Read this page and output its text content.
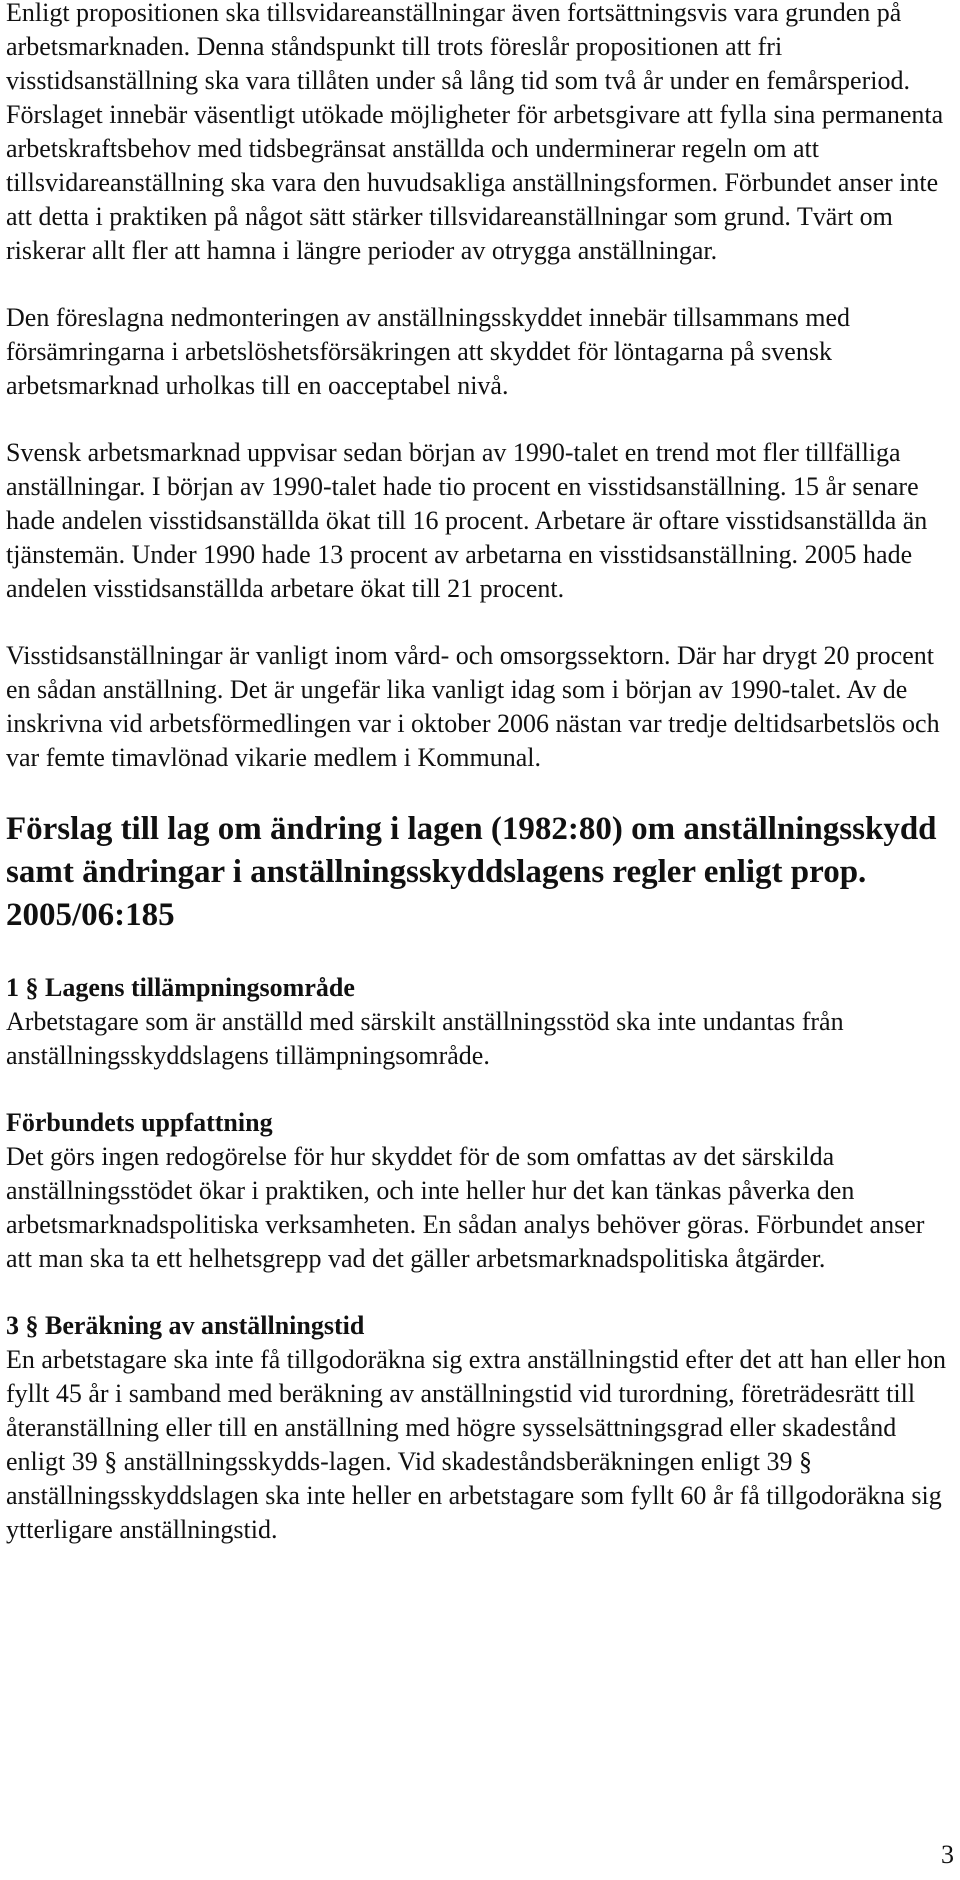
Enligt propositionen ska tillsvidareanställningar även fortsättningsvis vara grunden på arbetsmarknaden. Denna ståndspunkt till trots föreslår propositionen att fri visstidsanställning ska vara tillåten under så lång tid som två år under en femårsperiod. Förslaget innebär väsentligt utökade möjligheter för arbetsgivare att fylla sina permanenta arbetskraftsbehov med tidsbegränsat anställda och underminerar regeln om att tillsvidareanställning ska vara den huvudsakliga anställningsformen. Förbundet anser inte att detta i praktiken på något sätt stärker tillsvidareanställningar som grund. Tvärt om riskerar allt fler att hamna i längre perioder av otrygga anställningar.

Den föreslagna nedmonteringen av anställningsskyddet innebär tillsammans med försämringarna i arbetslöshetsförsäkringen att skyddet för löntagarna på svensk arbetsmarknad urholkas till en oacceptabel nivå.

Svensk arbetsmarknad uppvisar sedan början av 1990-talet en trend mot fler tillfälliga anställningar. I början av 1990-talet hade tio procent en visstidsanställning. 15 år senare hade andelen visstidsanställda ökat till 16 procent. Arbetare är oftare visstidsanställda än tjänstemän. Under 1990 hade 13 procent av arbetarna en visstidsanställning. 2005 hade andelen visstidsanställda arbetare ökat till 21 procent.

Visstidsanställningar är vanligt inom vård- och omsorgssektorn. Där har drygt 20 procent en sådan anställning. Det är ungefär lika vanligt idag som i början av 1990-talet. Av de inskrivna vid arbetsförmedlingen var i oktober 2006 nästan var tredje deltidsarbetslös och var femte timavlönad vikarie medlem i Kommunal.

Förslag till lag om ändring i lagen (1982:80) om anställningsskydd samt ändringar i anställningsskyddslagens regler enligt prop. 2005/06:185
1 § Lagens tillämpningsområde

Arbetstagare som är anställd med särskilt anställningsstöd ska inte undantas från anställningsskyddslagens tillämpningsområde.

Förbundets uppfattning

Det görs ingen redogörelse för hur skyddet för de som omfattas av det särskilda anställningsstödet ökar i praktiken, och inte heller hur det kan tänkas påverka den arbetsmarknadspolitiska verksamheten. En sådan analys behöver göras. Förbundet anser att man ska ta ett helhetsgrepp vad det gäller arbetsmarknadspolitiska åtgärder.

3 § Beräkning av anställningstid

En arbetstagare ska inte få tillgodoräkna sig extra anställningstid efter det att han eller hon fyllt 45 år i samband med beräkning av anställningstid vid turordning, företrädesrätt till återanställning eller till en anställning med högre sysselsättningsgrad eller skadestånd enligt 39 § anställningsskydds-lagen. Vid skadeståndsberäkningen enligt 39 § anställningsskyddslagen ska inte heller en arbetstagare som fyllt 60 år få tillgodoräkna sig ytterligare anställningstid.

3
